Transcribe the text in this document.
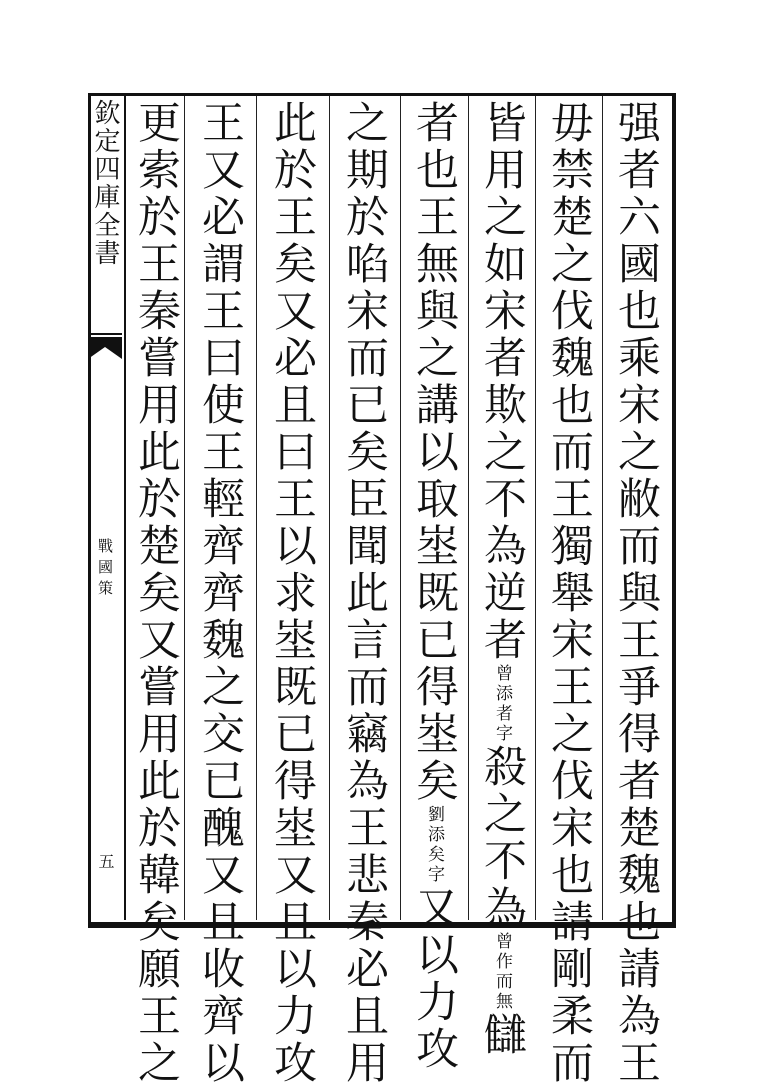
欽定四庫全書
戰國策
五	强者六國也乘宋之敝而與王爭得者楚魏也請為王
毋禁楚之伐魏也而王獨舉宋王之伐宋也請剛柔而
皆用之如宋者欺之不為逆者曾添者字殺之不為曾作而無讎
者也王無與之講以取埊既已得埊矣劉添矣字又以力攻
之期於啗宋而已矣臣聞此言而竊為王悲秦必且用
此於王矣又必且曰王以求埊既已得埊又且以力攻
王又必謂王曰使王輕齊齊魏之交已醜又且收齊以
更索於王秦嘗用此於楚矣又嘗用此於韓矣願王之
